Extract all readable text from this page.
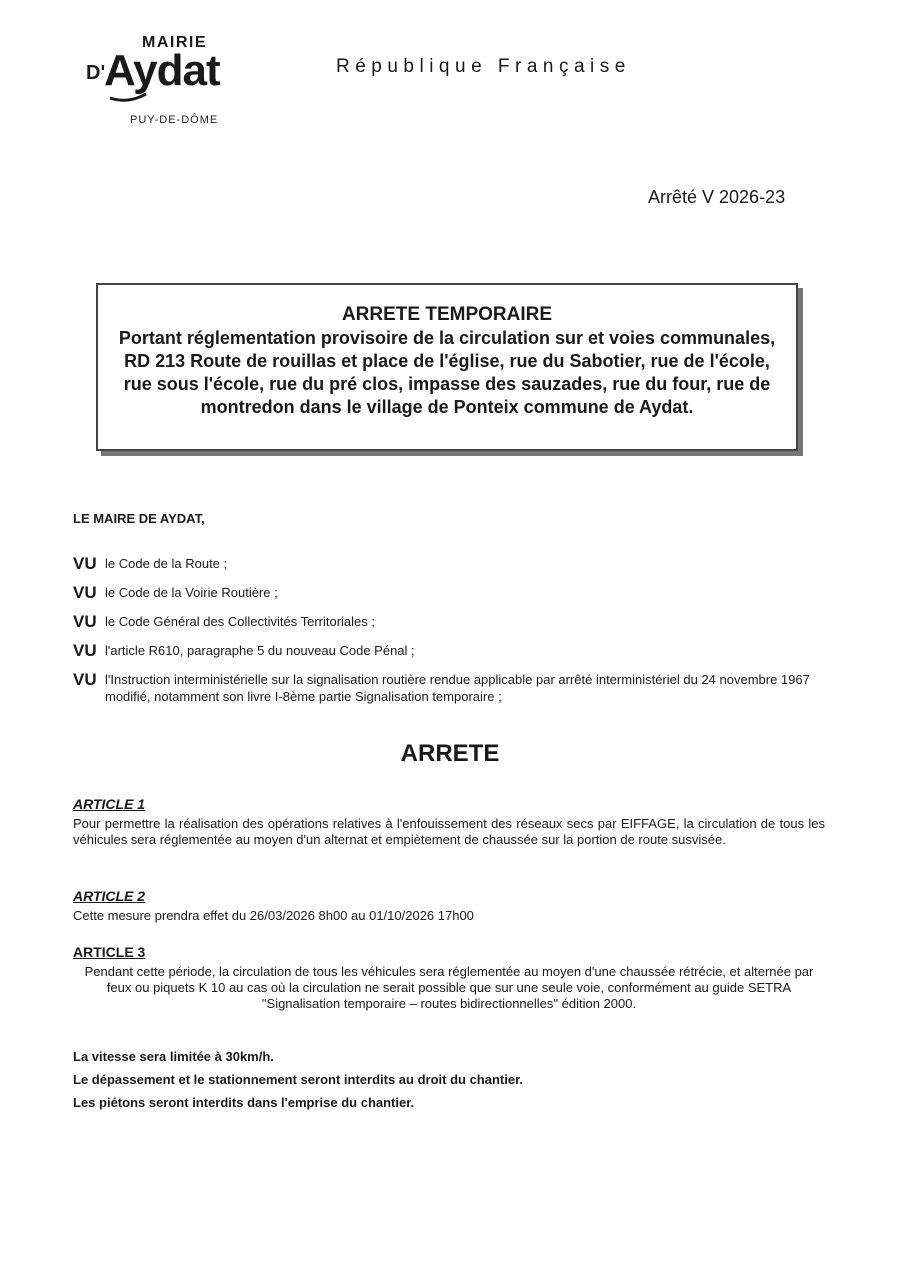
MAIRIE
D'
Aydat
PUY-DE-DÔME
République Française
Arrêté V 2026-23
ARRETE TEMPORAIRE
Portant réglementation provisoire de la circulation sur et voies communales, RD 213 Route de rouillas et place de l'église, rue du Sabotier, rue de l'école, rue sous l'école, rue du pré clos, impasse des sauzades, rue du four, rue de montredon dans le village de Ponteix commune de Aydat.
LE MAIRE DE AYDAT,
VU le Code de la Route ;
VU le Code de la Voirie Routière ;
VU le Code Général des Collectivités Territoriales ;
VU l'article R610, paragraphe 5 du nouveau Code Pénal ;
VU l'Instruction interministérielle sur la signalisation routière rendue applicable par arrêté interministériel du 24 novembre 1967 modifié, notamment son livre I-8ème partie Signalisation temporaire ;
ARRETE
ARTICLE 1

Pour permettre la réalisation des opérations relatives à l'enfouissement des réseaux secs par EIFFAGE, la circulation de tous les véhicules sera réglementée au moyen d'un alternat et empiètement de chaussée sur la portion de route susvisée.

ARTICLE 2

Cette mesure prendra effet du 26/03/2026 8h00 au 01/10/2026 17h00

ARTICLE 3

Pendant cette période, la circulation de tous les véhicules sera réglementée au moyen d'une chaussée rétrécie, et alternée par feux ou piquets K 10 au cas où la circulation ne serait possible que sur une seule voie, conformément au guide SETRA "Signalisation temporaire – routes bidirectionnelles" édition 2000.

La vitesse sera limitée à 30km/h.
Le dépassement et le stationnement seront interdits au droit du chantier.
Les piétons seront interdits dans l'emprise du chantier.
